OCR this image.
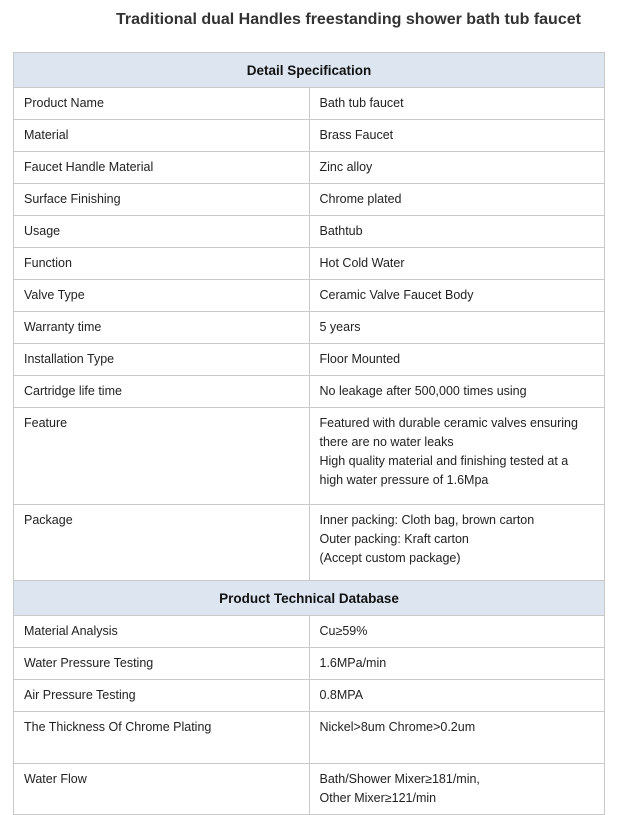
Traditional dual Handles freestanding shower bath tub faucet
Detail Specification	
Product Name	Bath tub faucet

Material	Brass Faucet

Faucet Handle Material	Zinc alloy

Surface Finishing	Chrome plated

Usage	Bathtub

Function	Hot Cold Water

Valve Type	Ceramic Valve Faucet Body

Warranty time	5 years

Installation Type	Floor Mounted

Cartridge life time	No leakage after 500,000 times using

Feature	Featured with durable ceramic valves ensuring there are no water leaks
High quality material and finishing tested at a high water pressure of 1.6Mpa

Package	Inner packing: Cloth bag, brown carton
Outer packing: Kraft carton
(Accept custom package)

Product Technical Database	
Material Analysis	Cu≥59%

Water Pressure Testing	1.6MPa/min

Air Pressure Testing	0.8MPA

The Thickness Of Chrome Plating	Nickel>8um Chrome>0.2um

Water Flow	Bath/Shower Mixer≥181/min,
Other Mixer≥121/min
